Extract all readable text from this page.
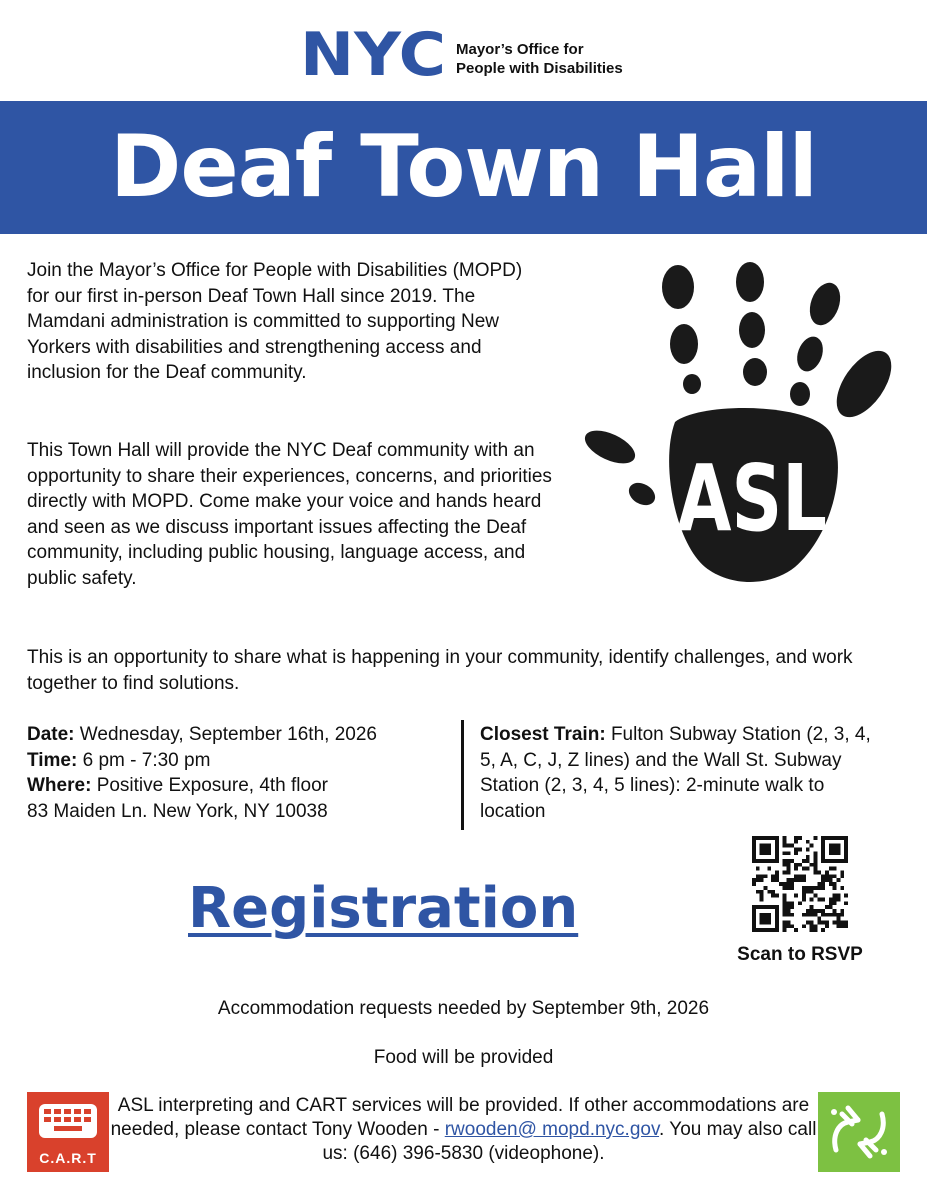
NYC Mayor’s Office for
People with Disabilities
Deaf Town Hall
Join the Mayor’s Office for People with Disabilities (MOPD) for our first in-person Deaf Town Hall since 2019. The Mamdani administration is committed to supporting New Yorkers with disabilities and strengthening access and inclusion for the Deaf community.
This Town Hall will provide the NYC Deaf community with an opportunity to share their experiences, concerns, and priorities directly with MOPD. Come make your voice and hands heard and seen as we discuss important issues affecting the Deaf community, including public housing, language access, and public safety.
This is an opportunity to share what is happening in your community, identify challenges, and work together to find solutions.
ASL
Date: Wednesday, September 16th, 2026
Time: 6 pm - 7:30 pm
Where: Positive Exposure, 4th floor
83 Maiden Ln. New York, NY 10038
Closest Train: Fulton Subway Station (2, 3, 4, 5, A, C, J, Z lines) and the Wall St. Subway Station (2, 3, 4, 5 lines): 2-minute walk to location
Registration
Scan to RSVP
Accommodation requests needed by September 9th, 2026
Food will be provided
ASL interpreting and CART services will be provided. If other accommodations are needed, please contact Tony Wooden - rwooden@ mopd.nyc.gov. You may also call us: (646) 396-5830 (videophone).
C.A.R.T
